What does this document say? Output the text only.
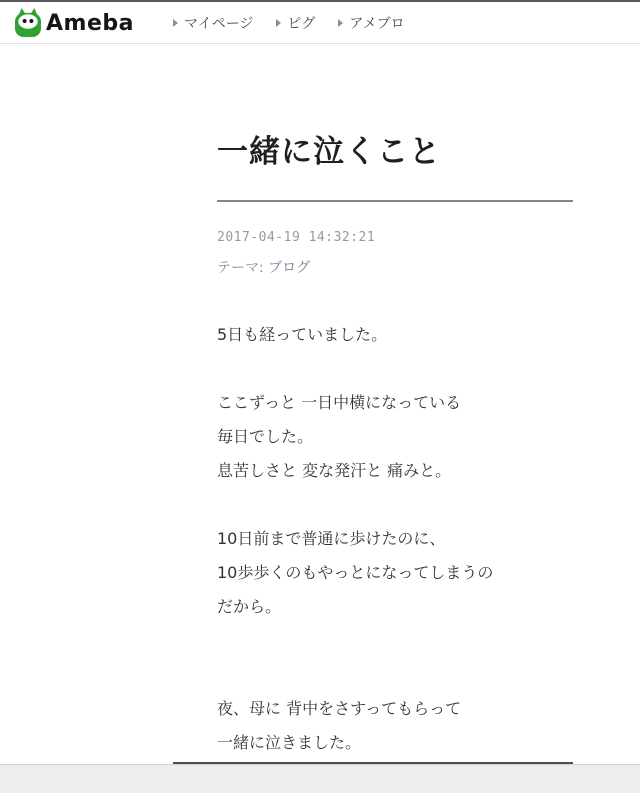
Ameba	マイページ ピグ アメブロ
一緒に泣くこと
2017-04-19 14:32:21
テーマ: ブログ
5日も経っていました。
ここずっと 一日中横になっている
毎日でした。
息苦しさと 変な発汗と 痛みと。
10日前まで普通に歩けたのに、
10歩歩くのもやっとになってしまうの
だから。
夜、母に 背中をさすってもらって
一緒に泣きました。
